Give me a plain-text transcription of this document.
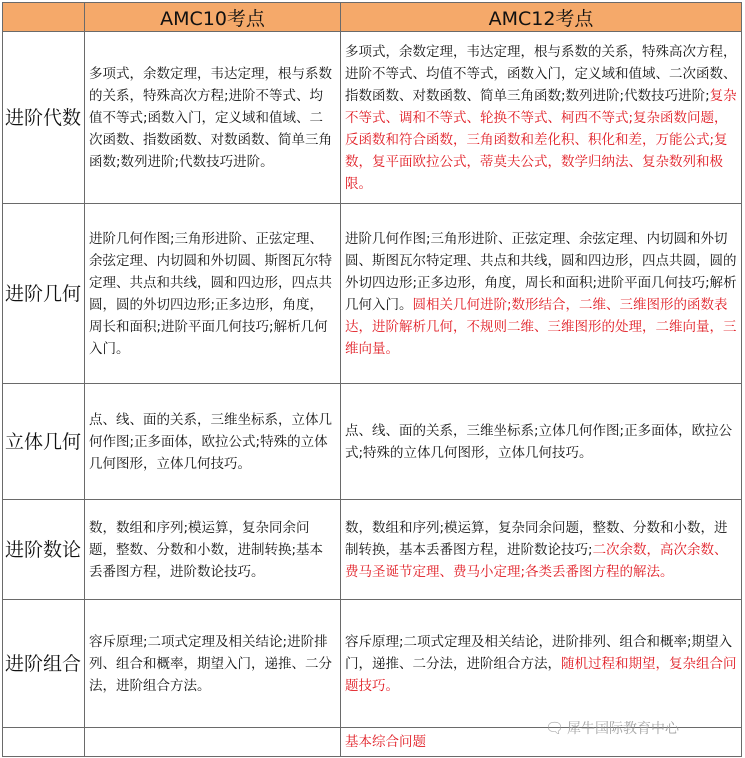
	AMC10考点	AMC12考点
进阶代数	多项式，余数定理，韦达定理，根与系数的关系，特殊高次方程;进阶不等式、均值不等式;函数入门，定义域和值域、二次函数、指数函数、对数函数、简单三角函数;数列进阶;代数技巧进阶。	多项式，余数定理，韦达定理，根与系数的关系，特殊高次方程，进阶不等式、均值不等式，函数入门，定义域和值域、二次函数、指数函数、对数函数、简单三角函数;数列进阶;代数技巧进阶;复杂不等式、调和不等式、轮换不等式、柯西不等式;复杂函数问题，反函数和符合函数，三角函数和差化积、积化和差，万能公式;复数，复平面欧拉公式，蒂莫夫公式，数学归纳法、复杂数列和极限。
进阶几何	进阶几何作图;三角形进阶、正弦定理、余弦定理、内切圆和外切圆、斯图瓦尔特定理、共点和共线，圆和四边形，四点共圆，圆的外切四边形;正多边形，角度，周长和面积;进阶平面几何技巧;解析几何入门。	进阶几何作图;三角形进阶、正弦定理、余弦定理、内切圆和外切圆、斯图瓦尔特定理、共点和共线，圆和四边形，四点共圆，圆的外切四边形;正多边形，角度，周长和面积;进阶平面几何技巧;解析几何入门。圆相关几何进阶;数形结合，二维、三维图形的函数表达，进阶解析几何，不规则二维、三维图形的处理，二维向量，三维向量。
立体几何	点、线、面的关系，三维坐标系，立体几何作图;正多面体，欧拉公式;特殊的立体几何图形，立体几何技巧。	点、线、面的关系，三维坐标系;立体几何作图;正多面体，欧拉公式;特殊的立体几何图形，立体几何技巧。
进阶数论	数，数组和序列;模运算，复杂同余问题，整数、分数和小数，进制转换;基本丢番图方程，进阶数论技巧。	数，数组和序列;模运算，复杂同余问题，整数、分数和小数，进制转换，基本丢番图方程，进阶数论技巧;二次余数，高次余数、费马圣诞节定理、费马小定理;各类丢番图方程的解法。
进阶组合	容斥原理;二项式定理及相关结论;进阶排列、组合和概率，期望入门，递推、二分法，进阶组合方法。	容斥原理;二项式定理及相关结论，进阶排列、组合和概率;期望入门，递推、二分法，进阶组合方法，随机过程和期望，复杂组合问题技巧。
		基本综合问题
🗨 犀牛国际教育中心
